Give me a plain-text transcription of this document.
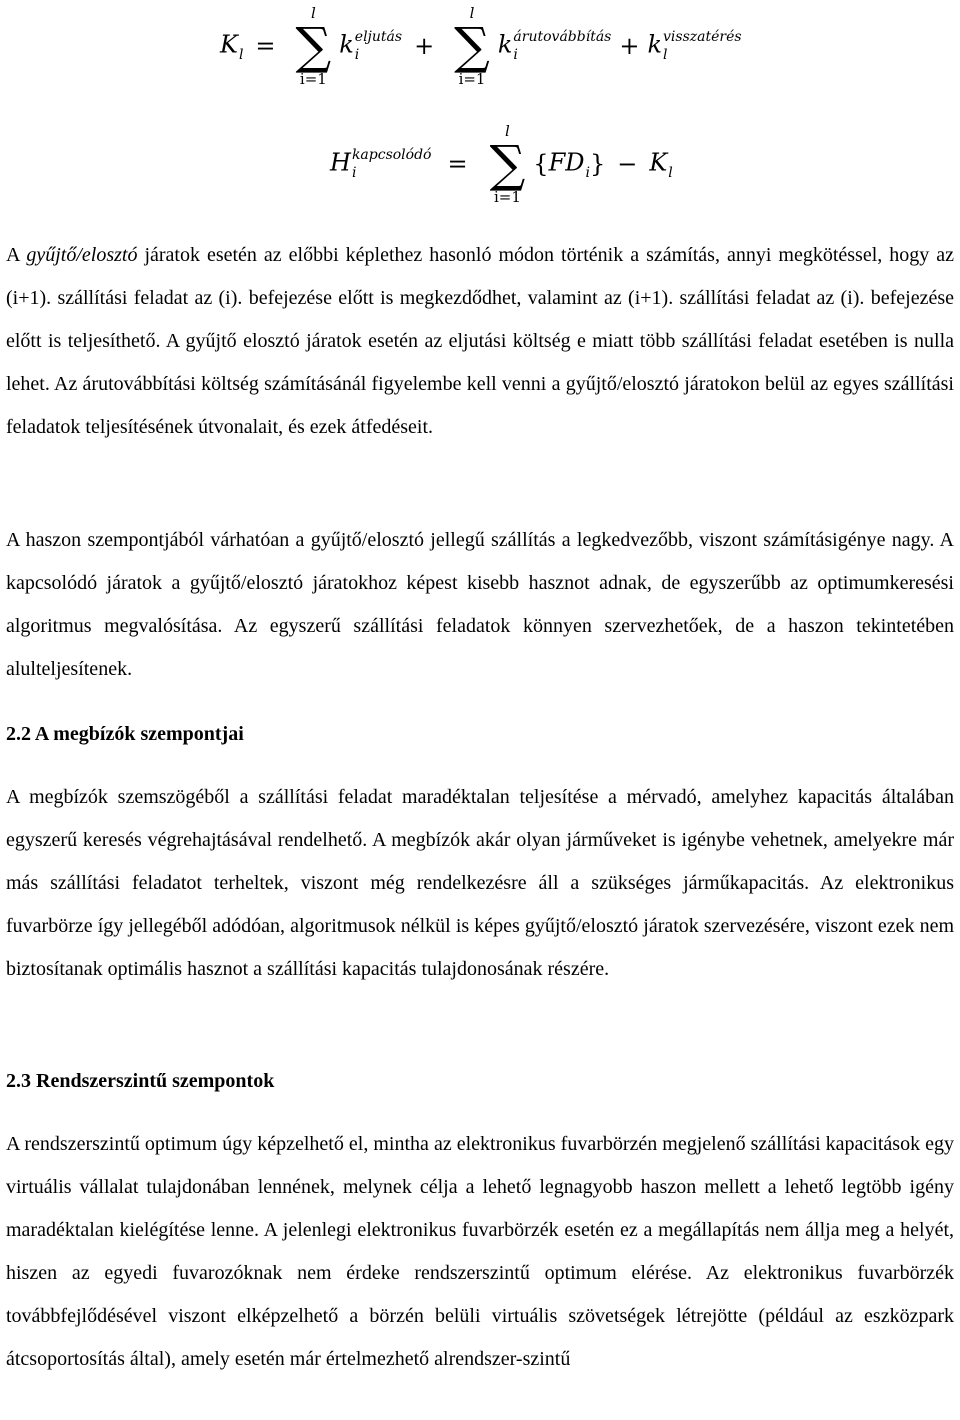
K
l =
l
∑
i=1
k eljutás
i	+
l
∑
i=1
k árutovábbítás
i	+ k visszatérés
l
H kapcsolódó
i	=
l
∑
i=1
{ FD
i } − K
l

A gyűjtő/elosztó járatok esetén az előbbi képlethez hasonló módon történik a számítás, annyi megkötéssel, hogy az (i+1). szállítási feladat az (i). befejezése előtt is megkezdődhet, valamint az (i+1). szállítási feladat az (i). befejezése előtt is teljesíthető. A gyűjtő elosztó járatok esetén az eljutási költség e miatt több szállítási feladat esetében is nulla lehet. Az árutovábbítási költség számításánál figyelembe kell venni a gyűjtő/elosztó járatokon belül az egyes szállítási feladatok teljesítésének útvonalait, és ezek átfedéseit.

A haszon szempontjából várhatóan a gyűjtő/elosztó jellegű szállítás a legkedvezőbb, viszont számításigénye nagy. A kapcsolódó járatok a gyűjtő/elosztó járatokhoz képest kisebb hasznot adnak, de egyszerűbb az optimumkeresési algoritmus megvalósítása. Az egyszerű szállítási feladatok könnyen szervezhetőek, de a haszon tekintetében alulteljesítenek.

2.2 A megbízók szempontjai

A megbízók szemszögéből a szállítási feladat maradéktalan teljesítése a mérvadó, amelyhez kapacitás általában egyszerű keresés végrehajtásával rendelhető. A megbízók akár olyan járműveket is igénybe vehetnek, amelyekre már más szállítási feladatot terheltek, viszont még rendelkezésre áll a szükséges járműkapacitás. Az elektronikus fuvarbörze így jellegéből adódóan, algoritmusok nélkül is képes gyűjtő/elosztó járatok szervezésére, viszont ezek nem biztosítanak optimális hasznot a szállítási kapacitás tulajdonosának részére.

2.3 Rendszerszintű szempontok

A rendszerszintű optimum úgy képzelhető el, mintha az elektronikus fuvarbörzén megjelenő szállítási kapacitások egy virtuális vállalat tulajdonában lennének, melynek célja a lehető legnagyobb haszon mellett a lehető legtöbb igény maradéktalan kielégítése lenne. A jelenlegi elektronikus fuvarbörzék esetén ez a megállapítás nem állja meg a helyét, hiszen az egyedi fuvarozóknak nem érdeke rendszerszintű optimum elérése. Az elektronikus fuvarbörzék továbbfejlődésével viszont elképzelhető a börzén belüli virtuális szövetségek létrejötte (például az eszközpark átcsoportosítás által), amely esetén már értelmezhető alrendszer-szintű
